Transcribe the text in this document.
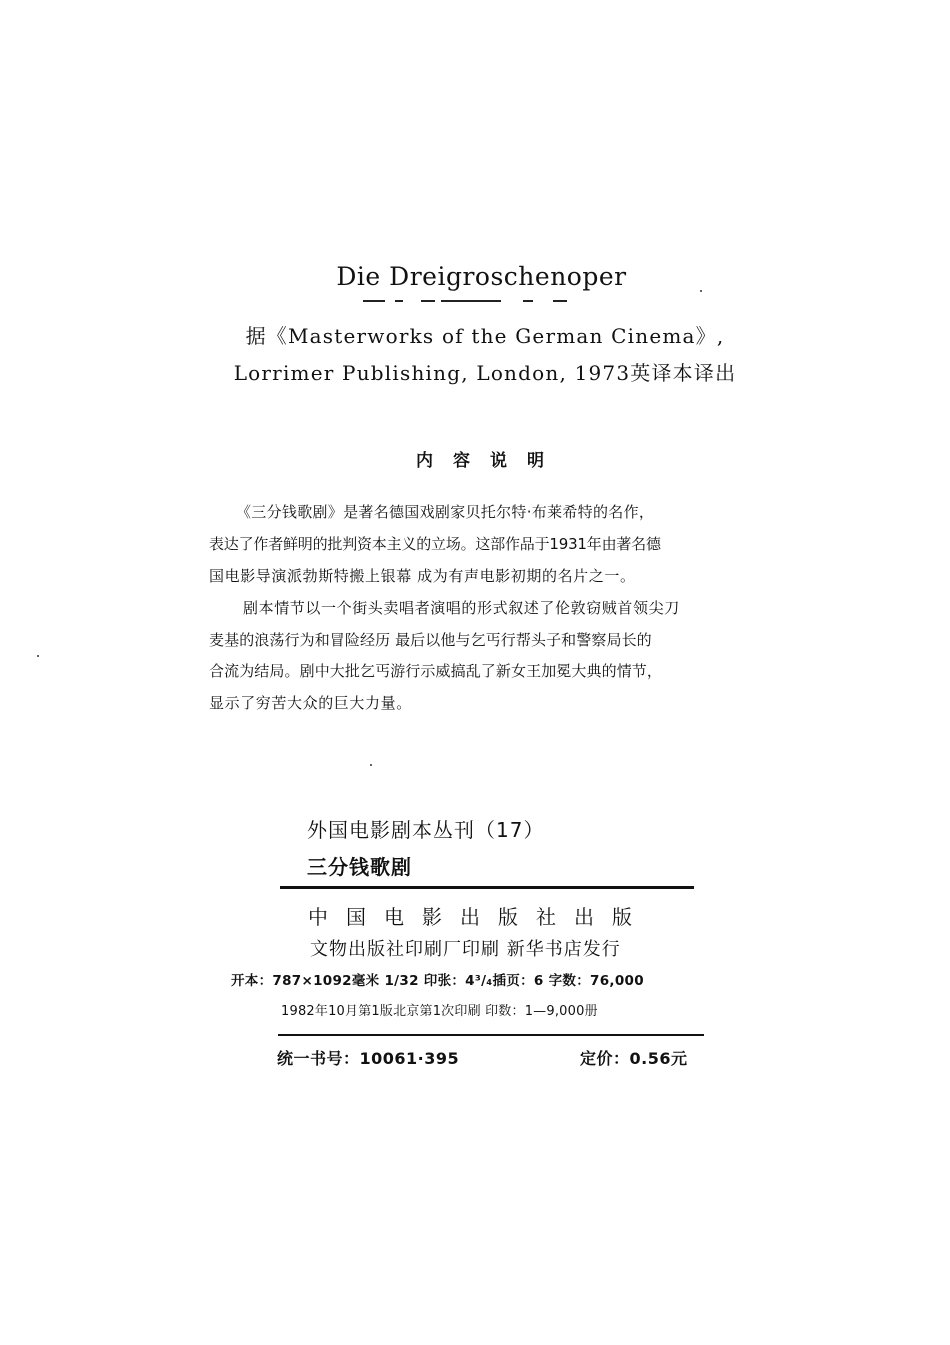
Die Dreigroschenoper
据《Masterworks of the German Cinema》,
Lorrimer Publishing, London, 1973英译本译出
内容说明
《三分钱歌剧》是著名德国戏剧家贝托尔特·布莱希特的名作，
表达了作者鲜明的批判资本主义的立场。这部作品于1931年由著名德
国电影导演派勃斯特搬上银幕 成为有声电影初期的名片之一。
剧本情节以一个街头卖唱者演唱的形式叙述了伦敦窃贼首领尖刀
麦基的浪荡行为和冒险经历 最后以他与乞丐行帮头子和警察局长的
合流为结局。剧中大批乞丐游行示威搞乱了新女王加冕大典的情节，
显示了穷苦大众的巨大力量。
外国电影剧本丛刊（17）
三分钱歌剧
中国电影出版社出版
文物出版社印刷厂印刷 新华书店发行
开本：787×1092毫米 1/32 印张：4³/₄插页：6 字数：76,000
1982年10月第1版北京第1次印刷 印数：1—9,000册
统一书号：10061·395	定价：0.56元
